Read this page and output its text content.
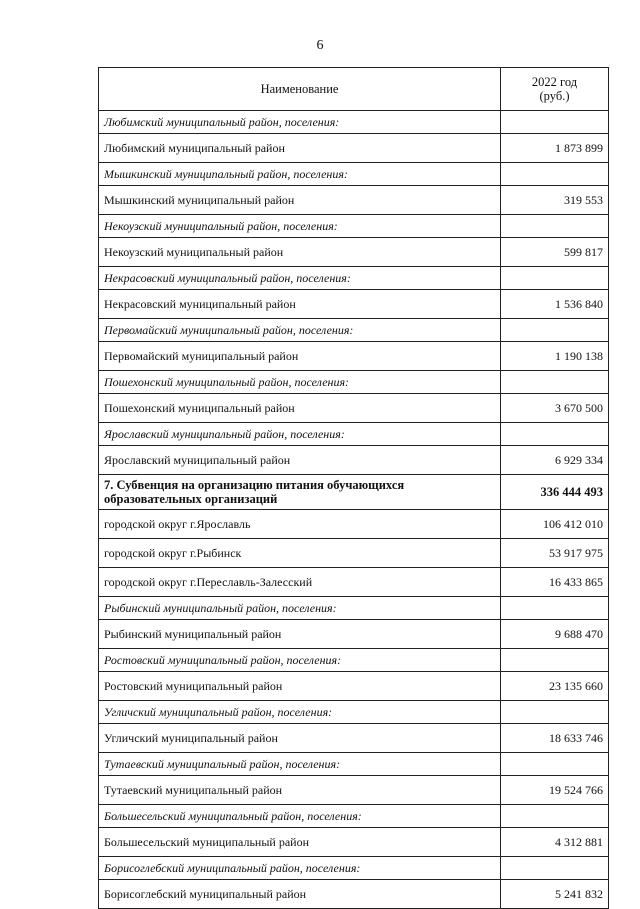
6
Наименование	2022 год
(руб.)
Любимский муниципальный район, поселения:	
Любимский муниципальный район	1 873 899
Мышкинский муниципальный район, поселения:	
Мышкинский муниципальный район	319 553
Некоузский муниципальный район, поселения:	
Некоузский муниципальный район	599 817
Некрасовский муниципальный район, поселения:	
Некрасовский муниципальный район	1 536 840
Первомайский муниципальный район, поселения:	
Первомайский муниципальный район	1 190 138
Пошехонский муниципальный район, поселения:	
Пошехонский муниципальный район	3 670 500
Ярославский муниципальный район, поселения:	
Ярославский муниципальный район	6 929 334
7. Субвенция на организацию питания обучающихся образовательных организаций	336 444 493
городской округ г.Ярославль	106 412 010
городской округ г.Рыбинск	53 917 975
городской округ г.Переславль-Залесский	16 433 865
Рыбинский муниципальный район, поселения:	
Рыбинский муниципальный район	9 688 470
Ростовский муниципальный район, поселения:	
Ростовский муниципальный район	23 135 660
Угличский муниципальный район, поселения:	
Угличский муниципальный район	18 633 746
Тутаевский муниципальный район, поселения:	
Тутаевский муниципальный район	19 524 766
Большесельский муниципальный район, поселения:	
Большесельский муниципальный район	4 312 881
Борисоглебский муниципальный район, поселения:	
Борисоглебский муниципальный район	5 241 832
